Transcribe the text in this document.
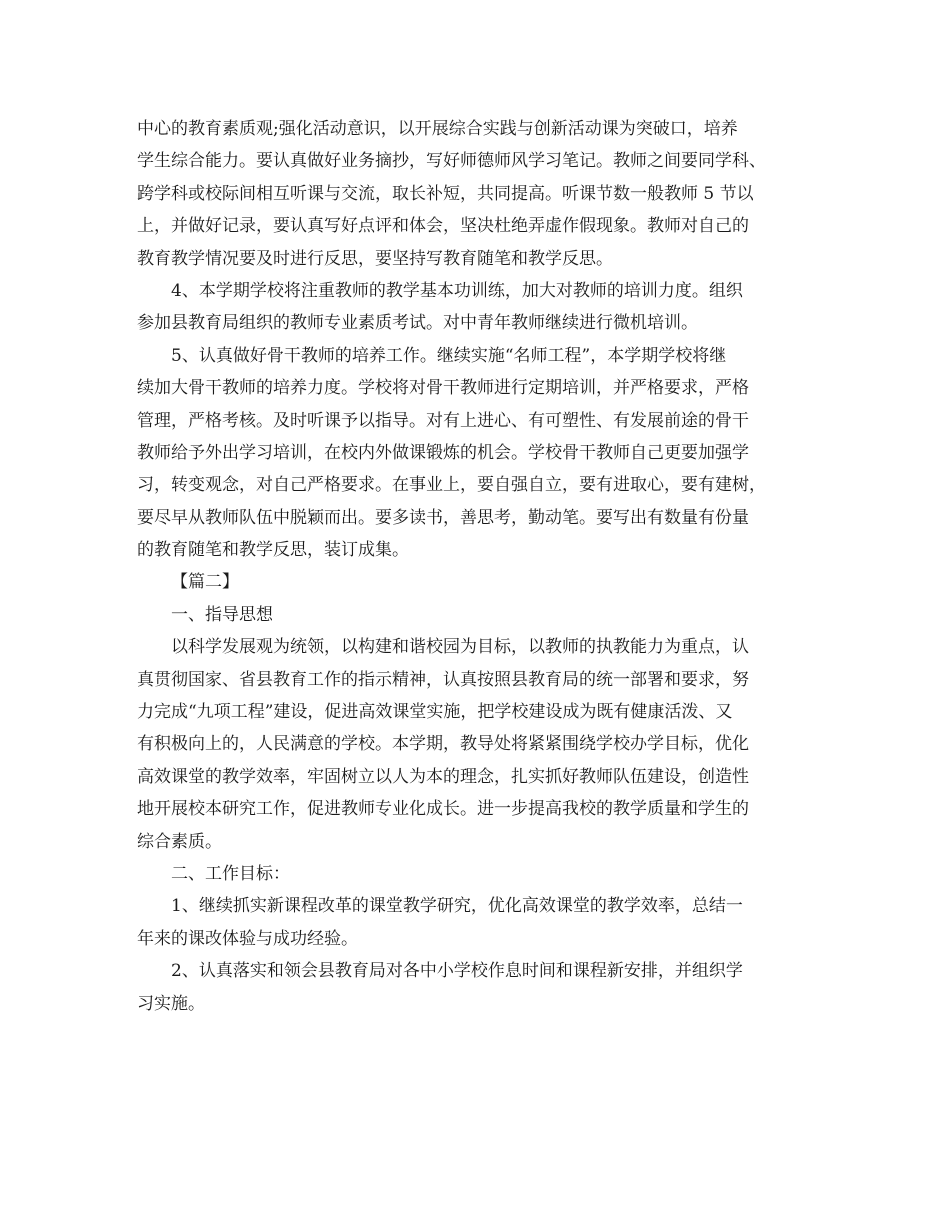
中心的教育素质观;强化活动意识，以开展综合实践与创新活动课为突破口，培养
学生综合能力。要认真做好业务摘抄，写好师德师风学习笔记。教师之间要同学科、
跨学科或校际间相互听课与交流，取长补短，共同提高。听课节数一般教师 5 节以
上，并做好记录，要认真写好点评和体会，坚决杜绝弄虚作假现象。教师对自己的
教育教学情况要及时进行反思，要坚持写教育随笔和教学反思。
4、本学期学校将注重教师的教学基本功训练，加大对教师的培训力度。组织
参加县教育局组织的教师专业素质考试。对中青年教师继续进行微机培训。
5、认真做好骨干教师的培养工作。继续实施“名师工程”，本学期学校将继
续加大骨干教师的培养力度。学校将对骨干教师进行定期培训，并严格要求，严格
管理，严格考核。及时听课予以指导。对有上进心、有可塑性、有发展前途的骨干
教师给予外出学习培训，在校内外做课锻炼的机会。学校骨干教师自己更要加强学
习，转变观念，对自己严格要求。在事业上，要自强自立，要有进取心，要有建树，
要尽早从教师队伍中脱颖而出。要多读书，善思考，勤动笔。要写出有数量有份量
的教育随笔和教学反思，装订成集。
【篇二】
一、指导思想
以科学发展观为统领，以构建和谐校园为目标，以教师的执教能力为重点，认
真贯彻国家、省县教育工作的指示精神，认真按照县教育局的统一部署和要求，努
力完成“九项工程”建设，促进高效课堂实施，把学校建设成为既有健康活泼、又
有积极向上的，人民满意的学校。本学期，教导处将紧紧围绕学校办学目标，优化
高效课堂的教学效率，牢固树立以人为本的理念，扎实抓好教师队伍建设，创造性
地开展校本研究工作，促进教师专业化成长。进一步提高我校的教学质量和学生的
综合素质。
二、工作目标：
1、继续抓实新课程改革的课堂教学研究，优化高效课堂的教学效率，总结一
年来的课改体验与成功经验。
2、认真落实和领会县教育局对各中小学校作息时间和课程新安排，并组织学
习实施。
